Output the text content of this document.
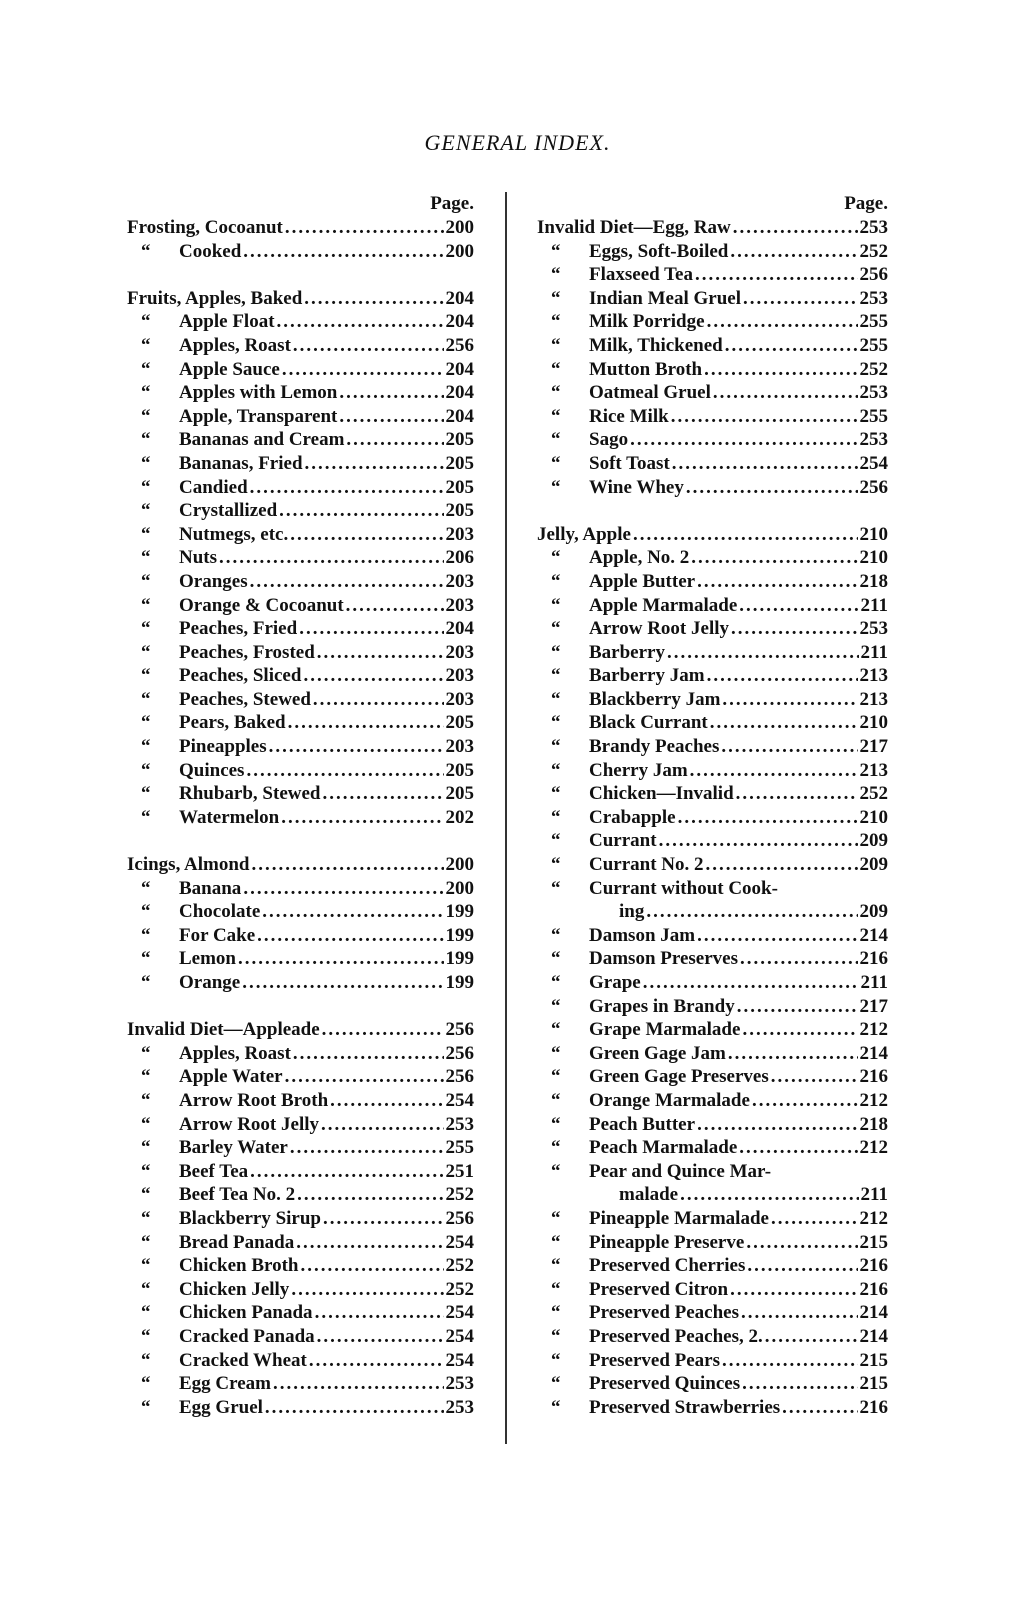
GENERAL INDEX.
Page.
Frosting, Cocoanut .....	200
“	Cooked .....	200
Fruits, Apples, Baked .....	204
“	Apple Float .....	204
“	Apples, Roast .....	256
“	Apple Sauce .....	204
“	Apples with Lemon .....	204
“	Apple, Transparent .....	204
“	Bananas and Cream .....	205
“	Bananas, Fried .....	205
“	Candied .....	205
“	Crystallized .....	205
“	Nutmegs, etc. .....	203
“	Nuts .....	206
“	Oranges .....	203
“	Orange & Cocoanut .....	203
“	Peaches, Fried .....	204
“	Peaches, Frosted .....	203
“	Peaches, Sliced .....	203
“	Peaches, Stewed .....	203
“	Pears, Baked .....	205
“	Pineapples .....	203
“	Quinces .....	205
“	Rhubarb, Stewed .....	205
“	Watermelon .....	202
Icings, Almond .....	200
“	Banana .....	200
“	Chocolate .....	199
“	For Cake .....	199
“	Lemon .....	199
“	Orange .....	199
Invalid Diet—Appleade .....	256
“	Apples, Roast .....	256
“	Apple Water .....	256
“	Arrow Root Broth .....	254
“	Arrow Root Jelly .....	253
“	Barley Water .....	255
“	Beef Tea .....	251
“	Beef Tea No. 2 .....	252
“	Blackberry Sirup .....	256
“	Bread Panada .....	254
“	Chicken Broth .....	252
“	Chicken Jelly .....	252
“	Chicken Panada .....	254
“	Cracked Panada .....	254
“	Cracked Wheat .....	254
“	Egg Cream .....	253
“	Egg Gruel .....	253
Page.
Invalid Diet—Egg, Raw .....	253
“	Eggs, Soft-Boiled .....	252
“	Flaxseed Tea .....	256
“	Indian Meal Gruel .....	253
“	Milk Porridge .....	255
“	Milk, Thickened .....	255
“	Mutton Broth .....	252
“	Oatmeal Gruel .....	253
“	Rice Milk .....	255
“	Sago .....	253
“	Soft Toast .....	254
“	Wine Whey .....	256
Jelly, Apple .....	210
“	Apple, No. 2 .....	210
“	Apple Butter .....	218
“	Apple Marmalade .....	211
“	Arrow Root Jelly .....	253
“	Barberry .....	211
“	Barberry Jam .....	213
“	Blackberry Jam .....	213
“	Black Currant .....	210
“	Brandy Peaches .....	217
“	Cherry Jam .....	213
“	Chicken—Invalid .....	252
“	Crabapple .....	210
“	Currant .....	209
“	Currant No. 2 .....	209
“	Currant without Cook-
ing .....	209
“	Damson Jam .....	214
“	Damson Preserves .....	216
“	Grape .....	211
“	Grapes in Brandy .....	217
“	Grape Marmalade .....	212
“	Green Gage Jam .....	214
“	Green Gage Preserves .....	216
“	Orange Marmalade .....	212
“	Peach Butter .....	218
“	Peach Marmalade .....	212
“	Pear and Quince Mar-
malade .....	211
“	Pineapple Marmalade .....	212
“	Pineapple Preserve .....	215
“	Preserved Cherries .....	216
“	Preserved Citron .....	216
“	Preserved Peaches .....	214
“	Preserved Peaches, 2. .....	214
“	Preserved Pears .....	215
“	Preserved Quinces .....	215
“	Preserved Strawberries .....	216
